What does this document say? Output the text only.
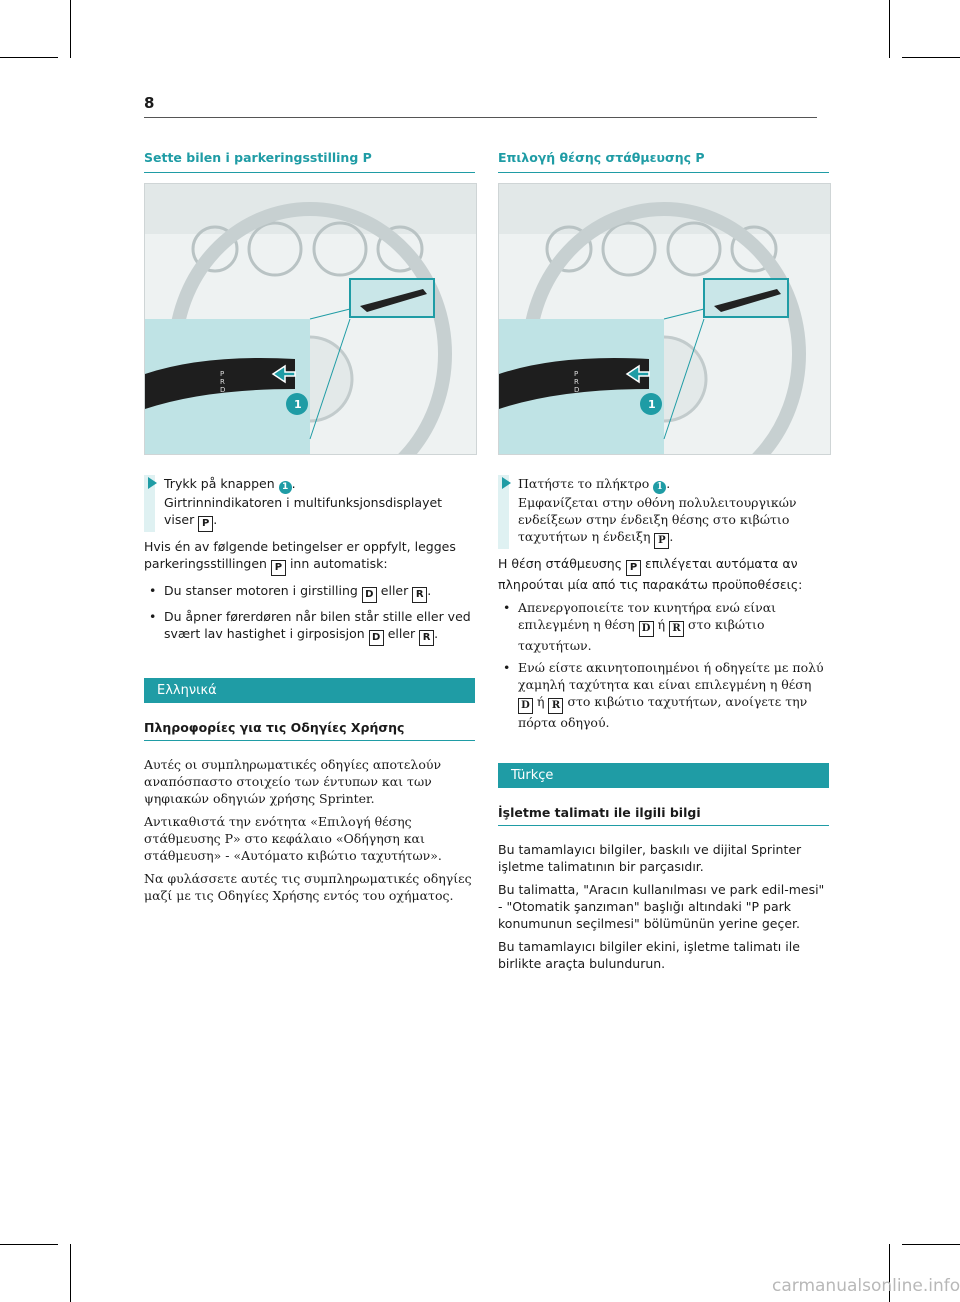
8
Sette bilen i parkeringsstilling P
P
R
D
1
Trykk på knappen 1 .
Girtrinnindikatoren i multifunksjonsdisplayet viser P .

Hvis én av følgende betingelser er oppfylt, legges parkeringsstillingen P inn automatisk:

• Du stanser motoren i girstilling D eller R .
• Du åpner førerdøren når bilen står stille eller ved svært lav hastighet i girposisjon D eller R .
Ελληνικά
Πληροφορίες για τις Οδηγίες Χρήσης

Αυτές οι συμπληρωματικές οδηγίες αποτελούν αναπόσπαστο στοιχείο των έντυπων και των ψηφιακών οδηγιών χρήσης Sprinter.

Αντικαθιστά την ενότητα «Επιλογή θέσης στάθμευσης P» στο κεφάλαιο «Οδήγηση και στάθμευση» - «Αυτόματο κιβώτιο ταχυτήτων».

Να φυλάσσετε αυτές τις συμπληρωματικές οδηγίες μαζί με τις Οδηγίες Χρήσης εντός του οχήματος.

Επιλογή θέσης στάθμευσης P
P
R
D
1
Πατήστε το πλήκτρο 1 .
Εμφανίζεται στην οθόνη πολυλειτουργικών ενδείξεων στην ένδειξη θέσης στο κιβώτιο ταχυτήτων η ένδειξη P .

Η θέση στάθμευσης P επιλέγεται αυτόματα αν πληρούται μία από τις παρακάτω προϋποθέσεις:

• Απενεργοποιείτε τον κινητήρα ενώ είναι επιλεγμένη η θέση D ή R στο κιβώτιο ταχυτήτων.
• Ενώ είστε ακινητοποιημένοι ή οδηγείτε με πολύ χαμηλή ταχύτητα και είναι επιλεγμένη η θέση D ή R στο κιβώτιο ταχυτήτων, ανοίγετε την πόρτα οδηγού.
Türkçe
İşletme talimatı ile ilgili bilgi

Bu tamamlayıcı bilgiler, baskılı ve dijital Sprinter işletme talimatının bir parçasıdır.

Bu talimatta, "Aracın kullanılması ve park edil-mesi" - "Otomatik şanzıman" başlığı altındaki "P park konumunun seçilmesi" bölümünün yerine geçer.

Bu tamamlayıcı bilgiler ekini, işletme talimatı ile birlikte araçta bulundurun.

carmanualsonline.info
